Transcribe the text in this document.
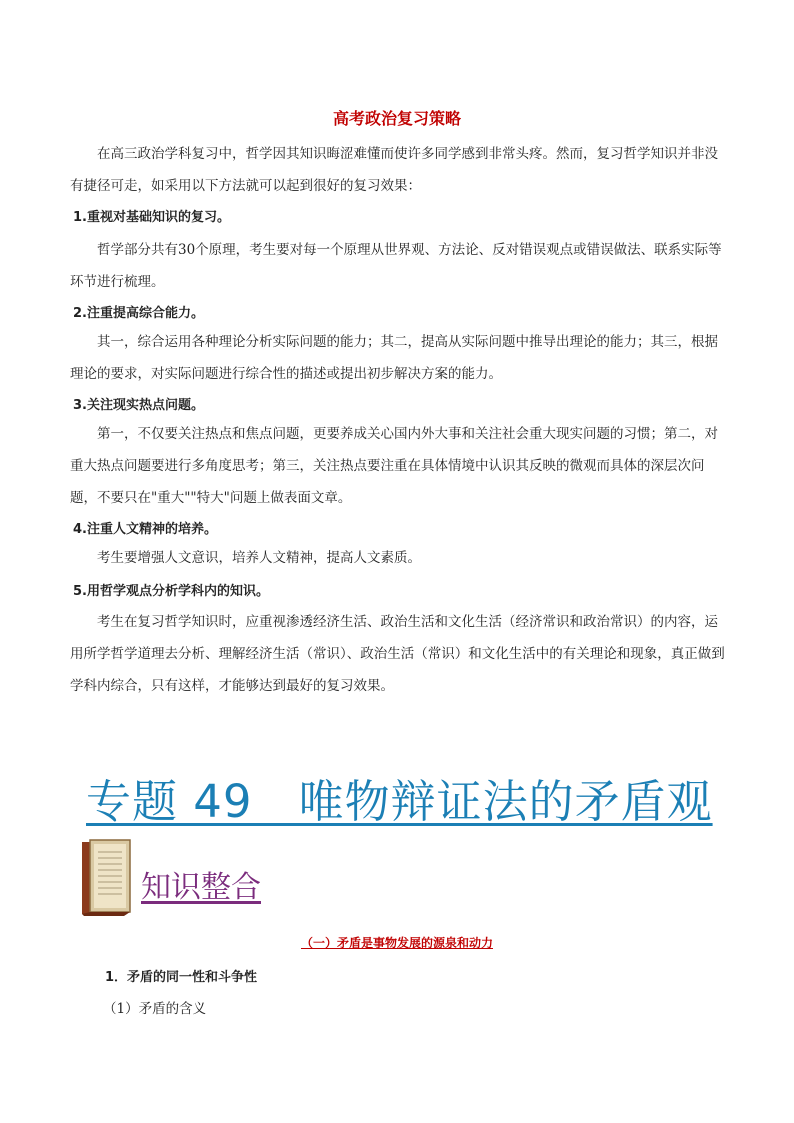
高考政治复习策略
在高三政治学科复习中，哲学因其知识晦涩难懂而使许多同学感到非常头疼。然而，复习哲学知识并非没有捷径可走，如采用以下方法就可以起到很好的复习效果：
1.重视对基础知识的复习。
哲学部分共有30个原理，考生要对每一个原理从世界观、方法论、反对错误观点或错误做法、联系实际等环节进行梳理。
2.注重提高综合能力。
其一，综合运用各种理论分析实际问题的能力；其二，提高从实际问题中推导出理论的能力；其三，根据理论的要求，对实际问题进行综合性的描述或提出初步解决方案的能力。
3.关注现实热点问题。
第一，不仅要关注热点和焦点问题，更要养成关心国内外大事和关注社会重大现实问题的习惯；第二，对重大热点问题要进行多角度思考；第三，关注热点要注重在具体情境中认识其反映的微观而具体的深层次问题，不要只在"重大""特大"问题上做表面文章。
4.注重人文精神的培养。
考生要增强人文意识，培养人文精神，提高人文素质。
5.用哲学观点分析学科内的知识。
考生在复习哲学知识时，应重视渗透经济生活、政治生活和文化生活（经济常识和政治常识）的内容，运用所学哲学道理去分析、理解经济生活（常识）、政治生活（常识）和文化生活中的有关理论和现象，真正做到学科内综合，只有这样，才能够达到最好的复习效果。
专题 49　唯物辩证法的矛盾观
知识整合
（一）矛盾是事物发展的源泉和动力
1．矛盾的同一性和斗争性
（1）矛盾的含义
